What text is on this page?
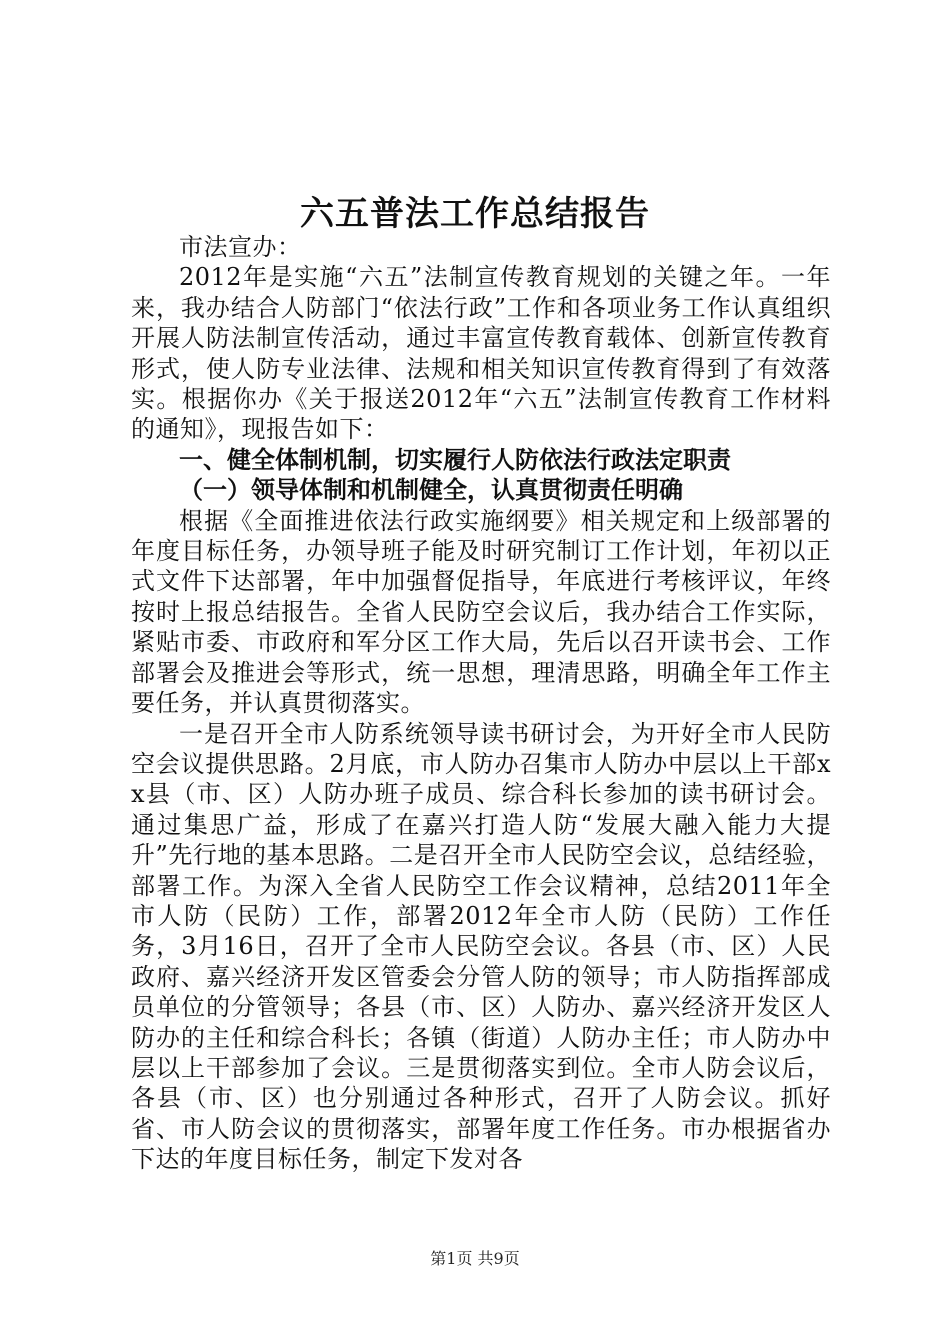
六五普法工作总结报告

市法宣办：

2012年是实施“六五”法制宣传教育规划的关键之年。一年来，我办结合人防部门“依法行政”工作和各项业务工作认真组织开展人防法制宣传活动，通过丰富宣传教育载体、创新宣传教育形式，使人防专业法律、法规和相关知识宣传教育得到了有效落实。根据你办《关于报送2012年“六五”法制宣传教育工作材料的通知》，现报告如下：

一、健全体制机制，切实履行人防依法行政法定职责

（一）领导体制和机制健全，认真贯彻责任明确

根据《全面推进依法行政实施纲要》相关规定和上级部署的年度目标任务，办领导班子能及时研究制订工作计划，年初以正式文件下达部署，年中加强督促指导，年底进行考核评议，年终按时上报总结报告。全省人民防空会议后，我办结合工作实际，紧贴市委、市政府和军分区工作大局，先后以召开读书会、工作部署会及推进会等形式，统一思想，理清思路，明确全年工作主要任务，并认真贯彻落实。

一是召开全市人防系统领导读书研讨会，为开好全市人民防空会议提供思路。2月底，市人防办召集市人防办中层以上干部xx县（市、区）人防办班子成员、综合科长参加的读书研讨会。通过集思广益，形成了在嘉兴打造人防“发展大融入能力大提升”先行地的基本思路。二是召开全市人民防空会议，总结经验，部署工作。为深入全省人民防空工作会议精神，总结2011年全市人防（民防）工作，部署2012年全市人防（民防）工作任务，3月16日，召开了全市人民防空会议。各县（市、区）人民政府、嘉兴经济开发区管委会分管人防的领导；市人防指挥部成员单位的分管领导；各县（市、区）人防办、嘉兴经济开发区人防办的主任和综合科长；各镇（街道）人防办主任；市人防办中层以上干部参加了会议。三是贯彻落实到位。全市人防会议后，各县（市、区）也分别通过各种形式，召开了人防会议。抓好省、市人防会议的贯彻落实，部署年度工作任务。市办根据省办下达的年度目标任务，制定下发对各

第1页 共9页
